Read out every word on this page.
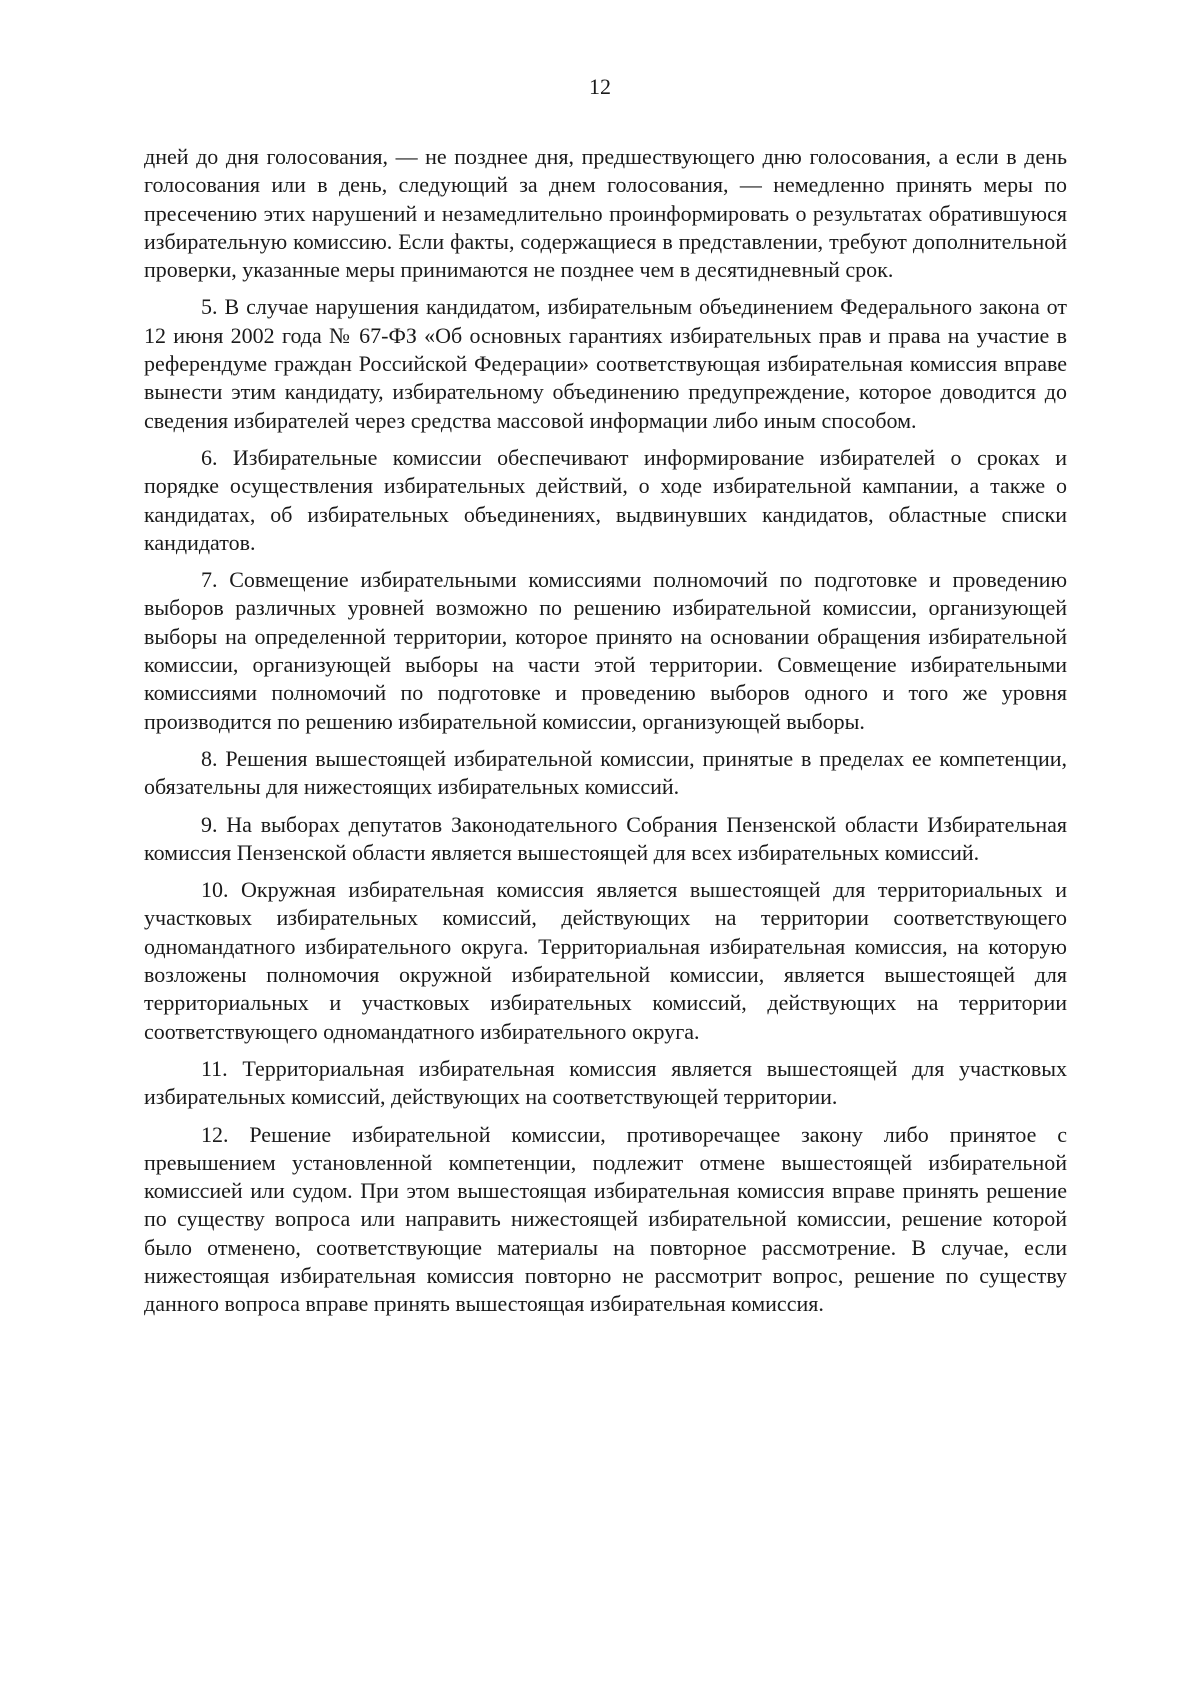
12

дней до дня голосования, — не позднее дня, предшествующего дню голосования, а если в день голосования или в день, следующий за днем голосования, — немедленно принять меры по пресечению этих нарушений и незамедлительно проинформировать о результатах обратившуюся избирательную комиссию. Если факты, содержащиеся в представлении, требуют дополнительной проверки, указанные меры принимаются не позднее чем в десятидневный срок.

5. В случае нарушения кандидатом, избирательным объединением Федерального закона от 12 июня 2002 года № 67-ФЗ «Об основных гарантиях избирательных прав и права на участие в референдуме граждан Российской Федерации» соответствующая избирательная комиссия вправе вынести этим кандидату, избирательному объединению предупреждение, которое доводится до сведения избирателей через средства массовой информации либо иным способом.

6. Избирательные комиссии обеспечивают информирование избирателей о сроках и порядке осуществления избирательных действий, о ходе избирательной кампании, а также о кандидатах, об избирательных объединениях, выдвинувших кандидатов, областные списки кандидатов.

7. Совмещение избирательными комиссиями полномочий по подготовке и проведению выборов различных уровней возможно по решению избирательной комиссии, организующей выборы на определенной территории, которое принято на основании обращения избирательной комиссии, организующей выборы на части этой территории. Совмещение избирательными комиссиями полномочий по подготовке и проведению выборов одного и того же уровня производится по решению избирательной комиссии, организующей выборы.

8. Решения вышестоящей избирательной комиссии, принятые в пределах ее компетенции, обязательны для нижестоящих избирательных комиссий.

9. На выборах депутатов Законодательного Собрания Пензенской области Избирательная комиссия Пензенской области является вышестоящей для всех избирательных комиссий.

10. Окружная избирательная комиссия является вышестоящей для территориальных и участковых избирательных комиссий, действующих на территории соответствующего одномандатного избирательного округа. Территориальная избирательная комиссия, на которую возложены полномочия окружной избирательной комиссии, является вышестоящей для территориальных и участковых избирательных комиссий, действующих на территории соответствующего одномандатного избирательного округа.

11. Территориальная избирательная комиссия является вышестоящей для участковых избирательных комиссий, действующих на соответствующей территории.

12. Решение избирательной комиссии, противоречащее закону либо принятое с превышением установленной компетенции, подлежит отмене вышестоящей избирательной комиссией или судом. При этом вышестоящая избирательная комиссия вправе принять решение по существу вопроса или направить нижестоящей избирательной комиссии, решение которой было отменено, соответствующие материалы на повторное рассмотрение. В случае, если нижестоящая избирательная комиссия повторно не рассмотрит вопрос, решение по существу данного вопроса вправе принять вышестоящая избирательная комиссия.
